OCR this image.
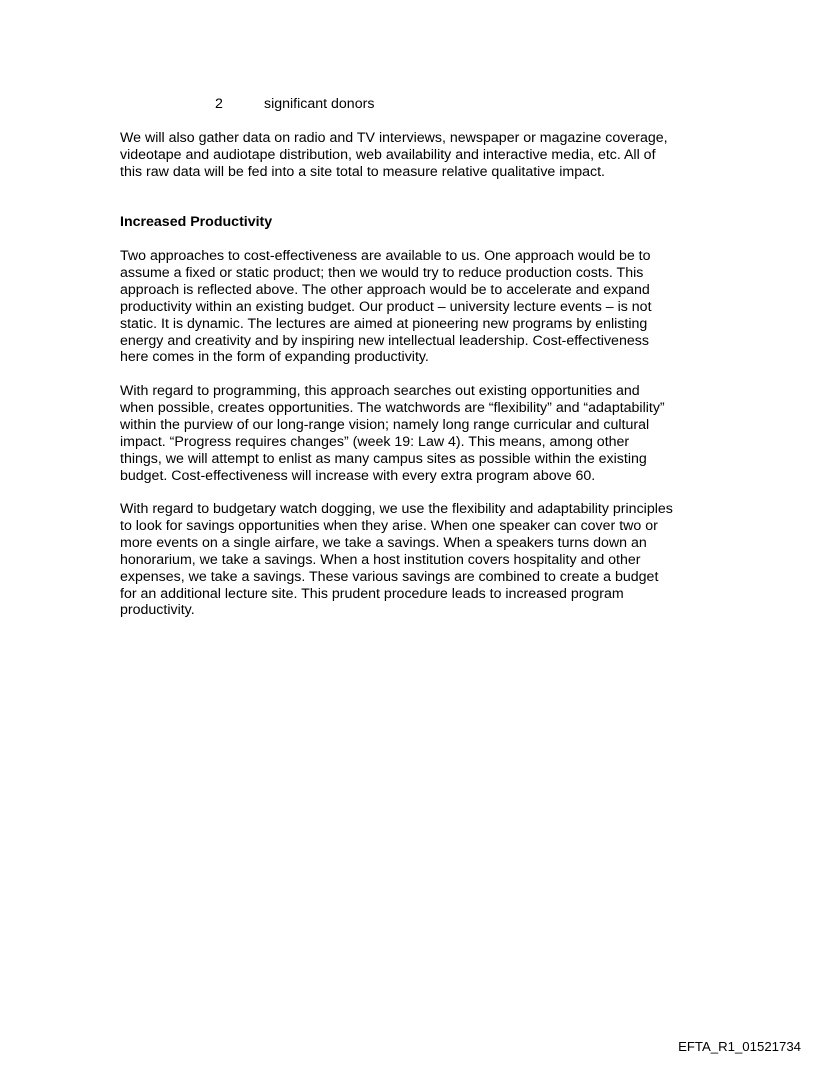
2	significant donors
We will also gather data on radio and TV interviews, newspaper or magazine coverage,
videotape and audiotape distribution, web availability and interactive media, etc. All of
this raw data will be fed into a site total to measure relative qualitative impact.
Increased Productivity
Two approaches to cost-effectiveness are available to us. One approach would be to
assume a fixed or static product; then we would try to reduce production costs. This
approach is reflected above. The other approach would be to accelerate and expand
productivity within an existing budget. Our product – university lecture events – is not
static. It is dynamic. The lectures are aimed at pioneering new programs by enlisting
energy and creativity and by inspiring new intellectual leadership. Cost-effectiveness
here comes in the form of expanding productivity.
With regard to programming, this approach searches out existing opportunities and
when possible, creates opportunities. The watchwords are “flexibility” and “adaptability”
within the purview of our long-range vision; namely long range curricular and cultural
impact. “Progress requires changes” (week 19: Law 4). This means, among other
things, we will attempt to enlist as many campus sites as possible within the existing
budget. Cost-effectiveness will increase with every extra program above 60.
With regard to budgetary watch dogging, we use the flexibility and adaptability principles
to look for savings opportunities when they arise. When one speaker can cover two or
more events on a single airfare, we take a savings. When a speakers turns down an
honorarium, we take a savings. When a host institution covers hospitality and other
expenses, we take a savings. These various savings are combined to create a budget
for an additional lecture site. This prudent procedure leads to increased program
productivity.
EFTA_R1_01521734
